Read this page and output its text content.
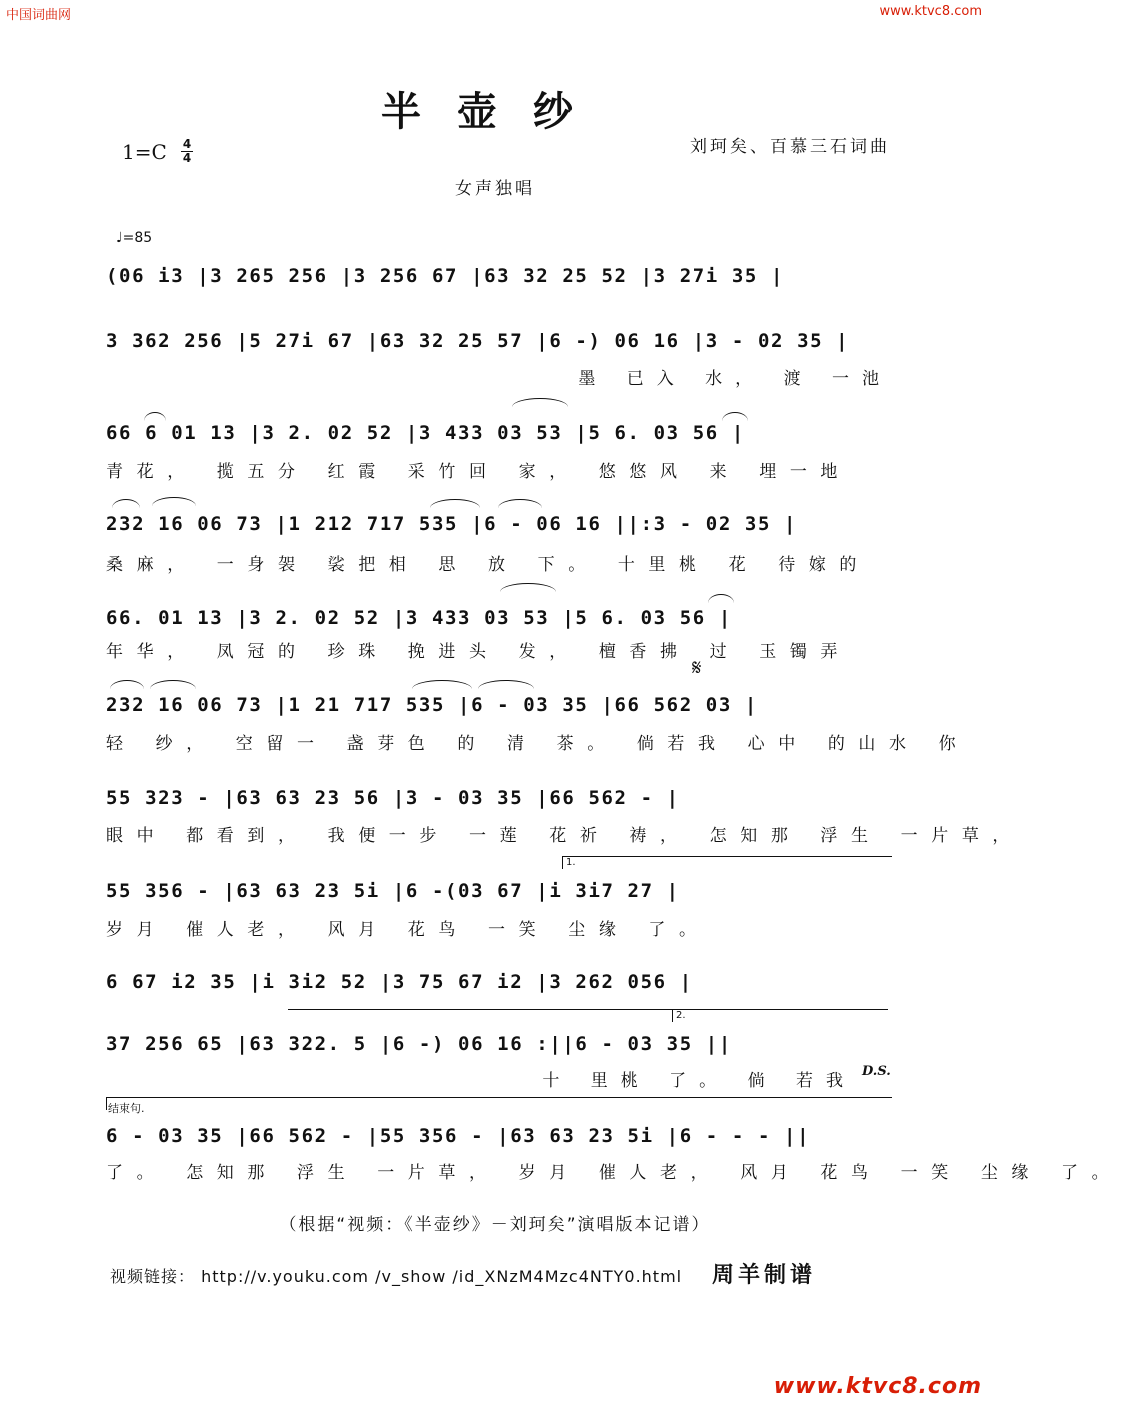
中国词曲网	www.ktvc8.com
半壶纱
1=C 4
4
刘珂矣、百慕三石词曲
女声独唱
♩=85
(06 i3 |3 265 256 |3 256 67 |63 32 25 52 |3 27i 35 |
3 362 256 |5 27i 67 |63 32 25 57 |6 -) 06 16 |3 - 02 35 |
墨 已入 水， 渡 一池
66 6 01 13 |3 2. 02 52 |3 433 03 53 |5 6. 03 56 |
青花， 揽五分 红霞 采竹回 家， 悠悠风 来 埋一地
232 16 06 73 |1 212 717 535 |6 - 06 16 ||:3 - 02 35 |
桑麻， 一身袈 裟把相 思 放 下。 十里桃 花 待嫁的
66. 01 13 |3 2. 02 52 |3 433 03 53 |5 6. 03 56 |
年华， 凤冠的 珍珠 挽进头 发， 檀香拂 过 玉镯弄
232 16 06 73 |1 21 717 535 |6 - 03 35 |66 562 03 |
轻 纱， 空留一 盏芽色 的 清 茶。 倘若我 心中 的山水 你
𝄋
55 323 - |63 63 23 56 |3 - 03 35 |66 562 - |
眼中 都看到， 我便一步 一莲 花祈 祷， 怎知那 浮生 一片草，
1.
55 356 - |63 63 23 5i |6 -(03 67 |i 3i7 27 |
岁月 催人老， 风月 花鸟 一笑 尘缘 了。
6 67 i2 35 |i 3i2 52 |3 75 67 i2 |3 262 056 |
2.
37 256 65 |63 322. 5 |6 -) 06 16 :||6 - 03 35 ||
十 里桃 了。 倘 若我 D.S.
结束句.
6 - 03 35 |66 562 - |55 356 - |63 63 23 5i |6 - - - ||
了。 怎知那 浮生 一片草， 岁月 催人老， 风月 花鸟 一笑 尘缘 了。
（根据“视频：《半壶纱》－刘珂矣”演唱版本记谱）
视频链接： http://v.youku.com /v_show /id_XNzM4Mzc4NTY0.html 周羊制谱
www.ktvc8.com
